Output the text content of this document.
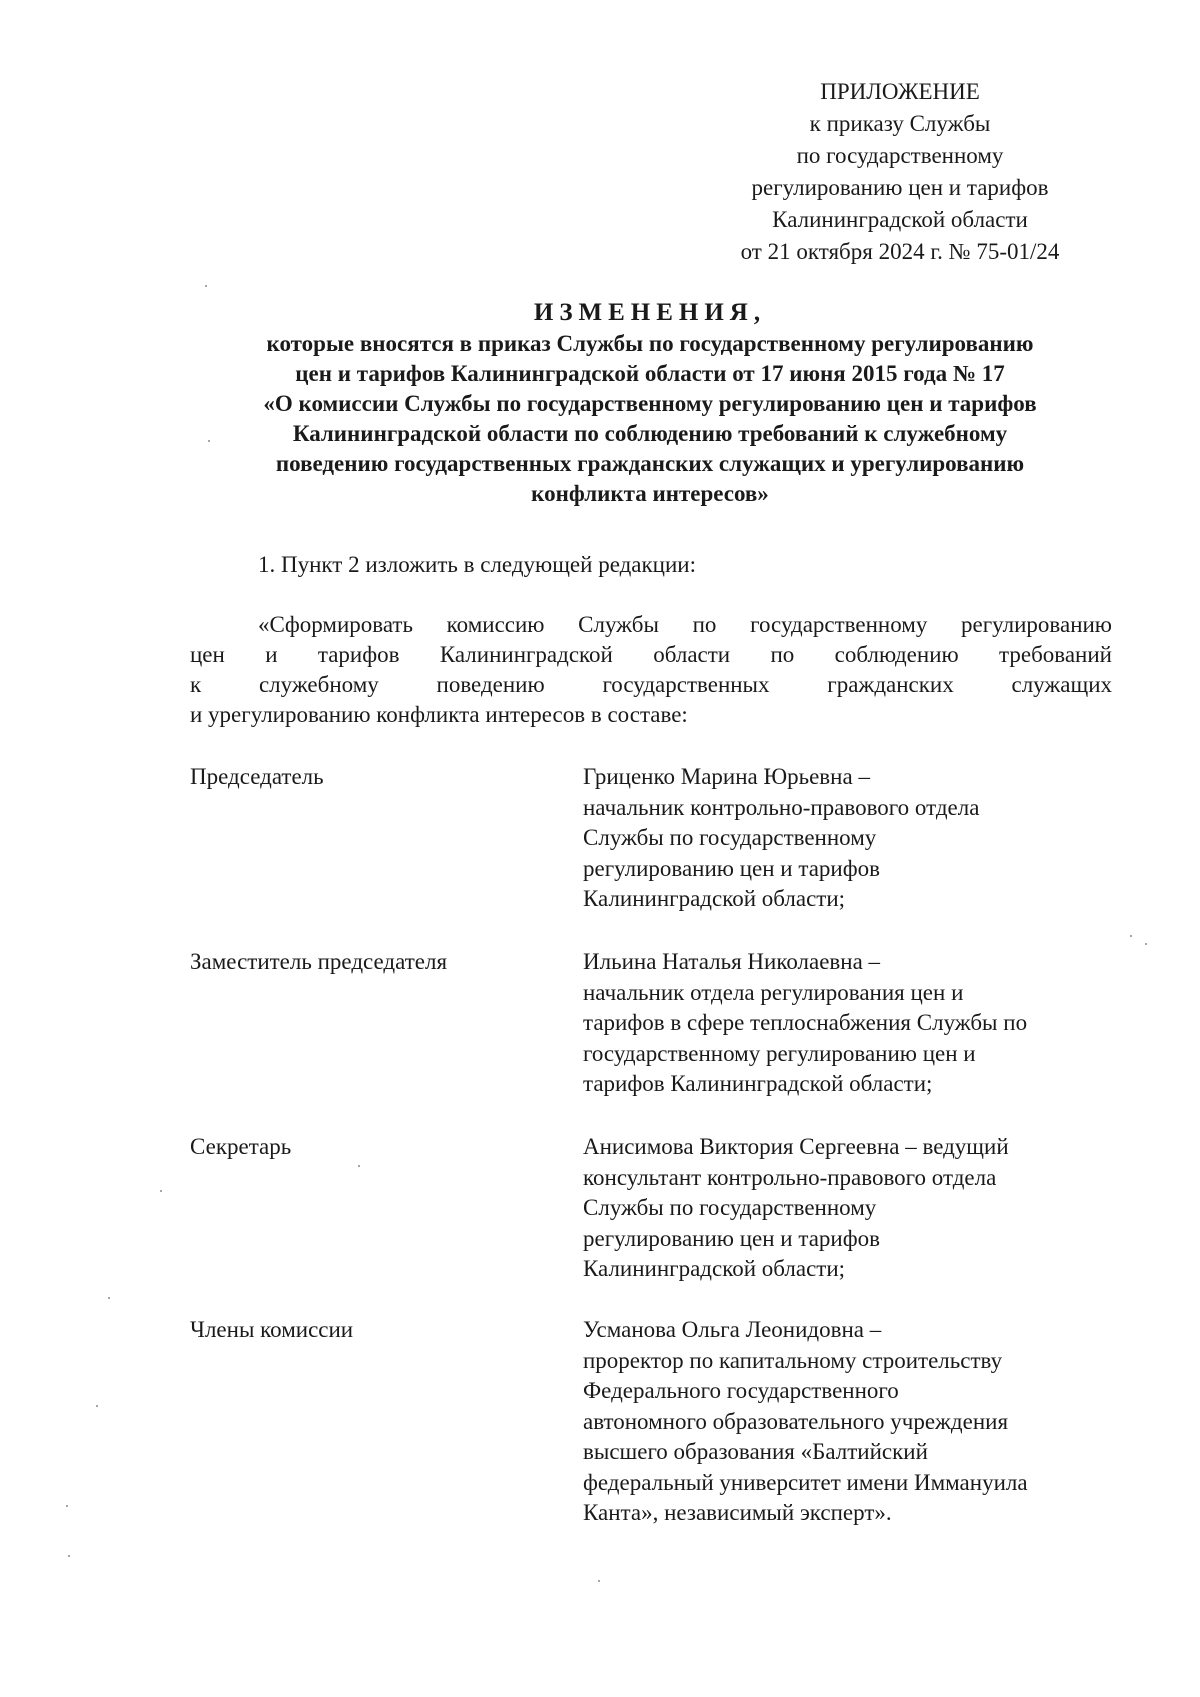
ПРИЛОЖЕНИЕ
к приказу Службы
по государственному
регулированию цен и тарифов
Калининградской области
от 21 октября 2024 г. № 75-01/24
ИЗМЕНЕНИЯ,
которые вносятся в приказ Службы по государственному регулированию
цен и тарифов Калининградской области от 17 июня 2015 года № 17
«О комиссии Службы по государственному регулированию цен и тарифов
Калининградской области по соблюдению требований к служебному
поведению государственных гражданских служащих и урегулированию
конфликта интересов»
1. Пункт 2 изложить в следующей редакции:
«Сформировать комиссию Службы по государственному регулированию
цен и тарифов Калининградской области по соблюдению требований
к служебному поведению государственных гражданских служащих
и урегулированию конфликта интересов в составе:
Председатель	Гриценко Марина Юрьевна –
начальник контрольно-правового отдела
Службы по государственному
регулированию цен и тарифов
Калининградской области;
Заместитель председателя	Ильина Наталья Николаевна –
начальник отдела регулирования цен и
тарифов в сфере теплоснабжения Службы по
государственному регулированию цен и
тарифов Калининградской области;
Секретарь	Анисимова Виктория Сергеевна – ведущий
консультант контрольно-правового отдела
Службы по государственному
регулированию цен и тарифов
Калининградской области;
Члены комиссии	Усманова Ольга Леонидовна –
проректор по капитальному строительству
Федерального государственного
автономного образовательного учреждения
высшего образования «Балтийский
федеральный университет имени Иммануила
Канта», независимый эксперт».
